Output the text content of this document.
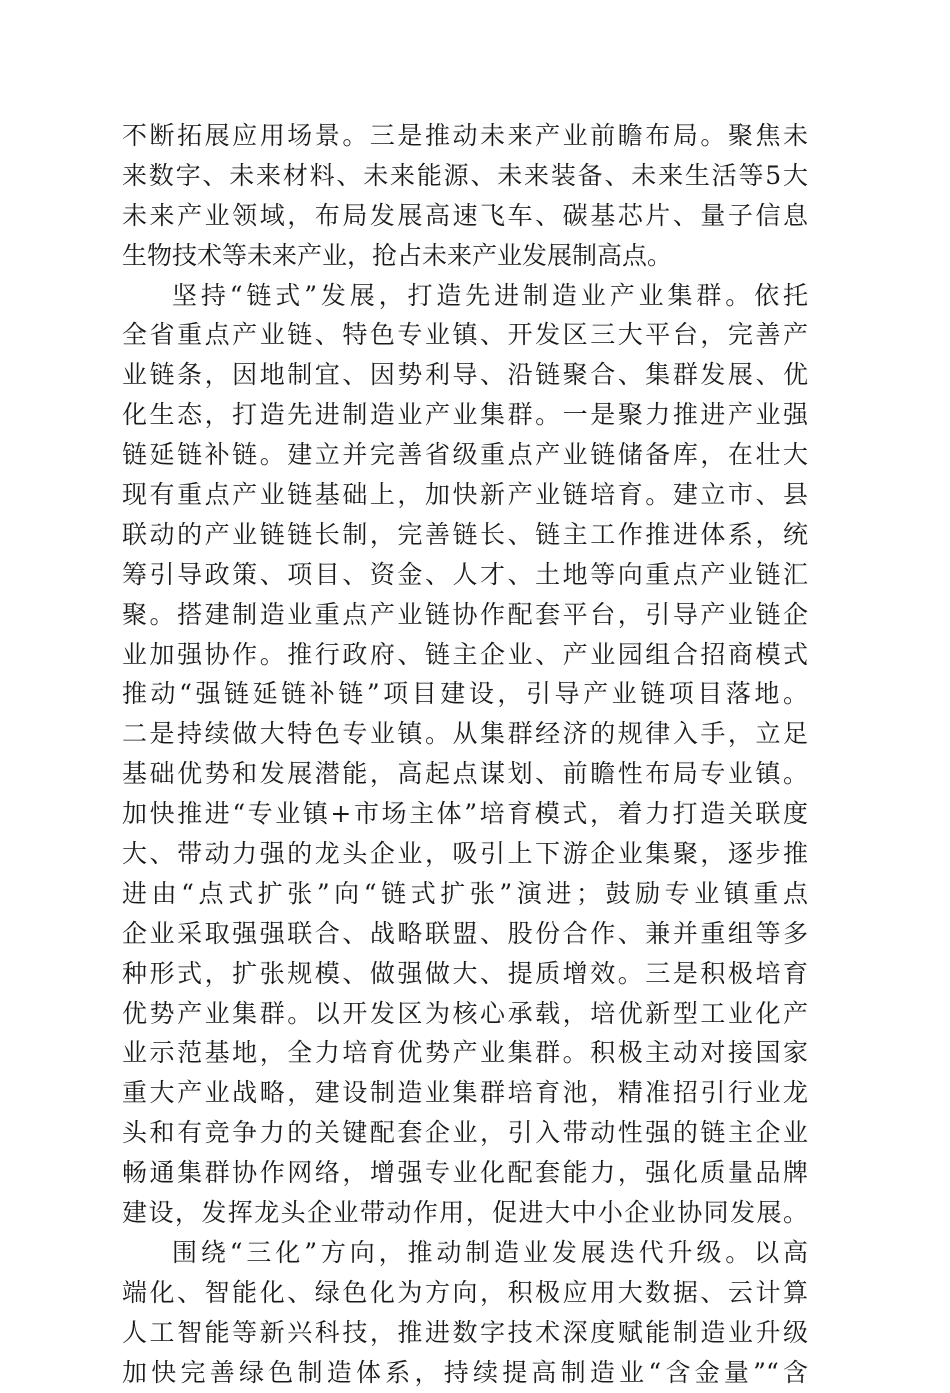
不断拓展应用场景。三是推动未来产业前瞻布局。聚焦未
来数字、未来材料、未来能源、未来装备、未来生活等5大
未来产业领域，布局发展高速飞车、碳基芯片、量子信息
生物技术等未来产业，抢占未来产业发展制高点。
坚持“链式”发展，打造先进制造业产业集群。依托
全省重点产业链、特色专业镇、开发区三大平台，完善产
业链条，因地制宜、因势利导、沿链聚合、集群发展、优
化生态，打造先进制造业产业集群。一是聚力推进产业强
链延链补链。建立并完善省级重点产业链储备库，在壮大
现有重点产业链基础上，加快新产业链培育。建立市、县
联动的产业链链长制，完善链长、链主工作推进体系，统
筹引导政策、项目、资金、人才、土地等向重点产业链汇
聚。搭建制造业重点产业链协作配套平台，引导产业链企
业加强协作。推行政府、链主企业、产业园组合招商模式
推动“强链延链补链”项目建设，引导产业链项目落地。
二是持续做大特色专业镇。从集群经济的规律入手，立足
基础优势和发展潜能，高起点谋划、前瞻性布局专业镇。
加快推进“专业镇+市场主体”培育模式，着力打造关联度
大、带动力强的龙头企业，吸引上下游企业集聚，逐步推
进由“点式扩张”向“链式扩张”演进；鼓励专业镇重点
企业采取强强联合、战略联盟、股份合作、兼并重组等多
种形式，扩张规模、做强做大、提质增效。三是积极培育
优势产业集群。以开发区为核心承载，培优新型工业化产
业示范基地，全力培育优势产业集群。积极主动对接国家
重大产业战略，建设制造业集群培育池，精准招引行业龙
头和有竞争力的关键配套企业，引入带动性强的链主企业
畅通集群协作网络，增强专业化配套能力，强化质量品牌
建设，发挥龙头企业带动作用，促进大中小企业协同发展。
围绕“三化”方向，推动制造业发展迭代升级。以高
端化、智能化、绿色化为方向，积极应用大数据、云计算
人工智能等新兴科技，推进数字技术深度赋能制造业升级
加快完善绿色制造体系，持续提高制造业“含金量”“含
